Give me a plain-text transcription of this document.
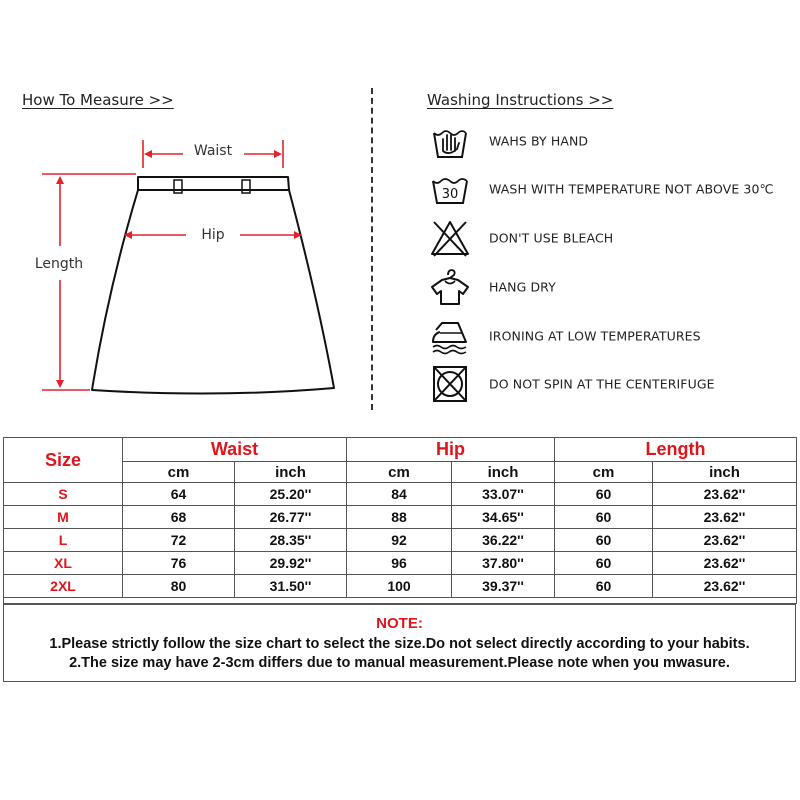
How To Measure >>
Waist
Hip
Length
Washing Instructions >>
WAHS BY HAND
30 WASH WITH TEMPERATURE NOT ABOVE 30℃
DON'T USE BLEACH
HANG DRY
IRONING AT LOW TEMPERATURES
DO NOT SPIN AT THE CENTERIFUGE
Size	Waist		Hip		Length	
	cm	inch	cm	inch	cm	inch
S	64	25.20''	84	33.07''	60	23.62''
M	68	26.77''	88	34.65''	60	23.62''
L	72	28.35''	92	36.22''	60	23.62''
XL	76	29.92''	96	37.80''	60	23.62''
2XL	80	31.50''	100	39.37''	60	23.62''

NOTE:
1.Please strictly follow the size chart to select the size.Do not select directly according to your habits.
2.The size may have 2-3cm differs due to manual measurement.Please note when you mwasure.
